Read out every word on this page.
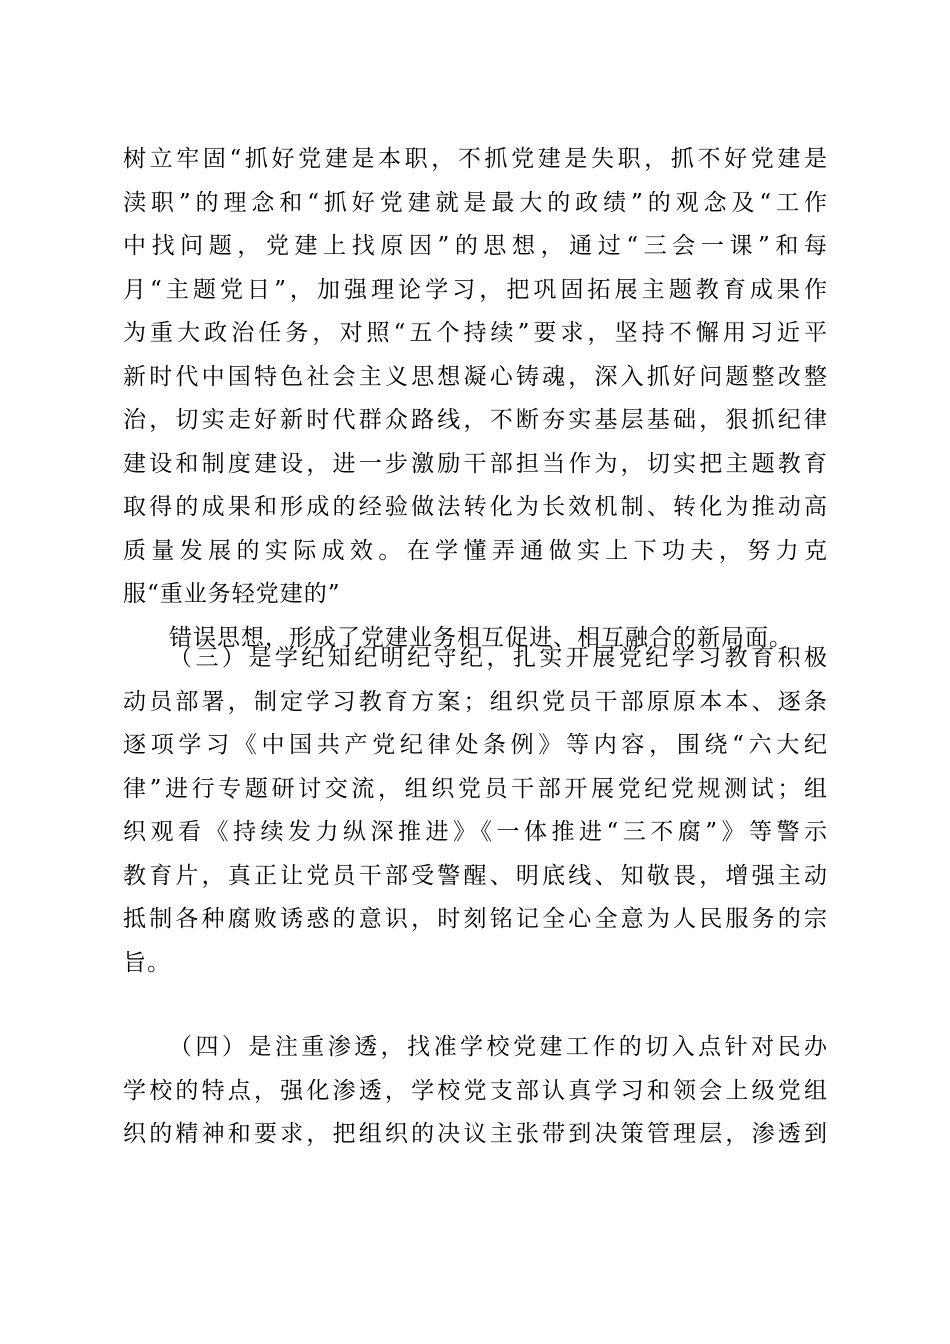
树立牢固“抓好党建是本职，不抓党建是失职，抓不好党建是
渎职”的理念和“抓好党建就是最大的政绩”的观念及“工作
中找问题，党建上找原因”的思想，通过“三会一课”和每
月“主题党日”，加强理论学习，把巩固拓展主题教育成果作
为重大政治任务，对照“五个持续”要求，坚持不懈用习近平
新时代中国特色社会主义思想凝心铸魂，深入抓好问题整改整
治，切实走好新时代群众路线，不断夯实基层基础，狠抓纪律
建设和制度建设，进一步激励干部担当作为，切实把主题教育
取得的成果和形成的经验做法转化为长效机制、转化为推动高
质量发展的实际成效。在学懂弄通做实上下功夫，努力克
服“重业务轻党建的”

错误思想，形成了党建业务相互促进、相互融合的新局面。

（三）是学纪知纪明纪守纪，扎实开展党纪学习教育积极
动员部署，制定学习教育方案；组织党员干部原原本本、逐条
逐项学习《中国共产党纪律处条例》等内容，围绕“六大纪
律”进行专题研讨交流，组织党员干部开展党纪党规测试；组
织观看《持续发力纵深推进》《一体推进“三不腐”》等警示
教育片，真正让党员干部受警醒、明底线、知敬畏，增强主动
抵制各种腐败诱惑的意识，时刻铭记全心全意为人民服务的宗
旨。

（四）是注重渗透，找准学校党建工作的切入点针对民办
学校的特点，强化渗透，学校党支部认真学习和领会上级党组
织的精神和要求，把组织的决议主张带到决策管理层，渗透到
